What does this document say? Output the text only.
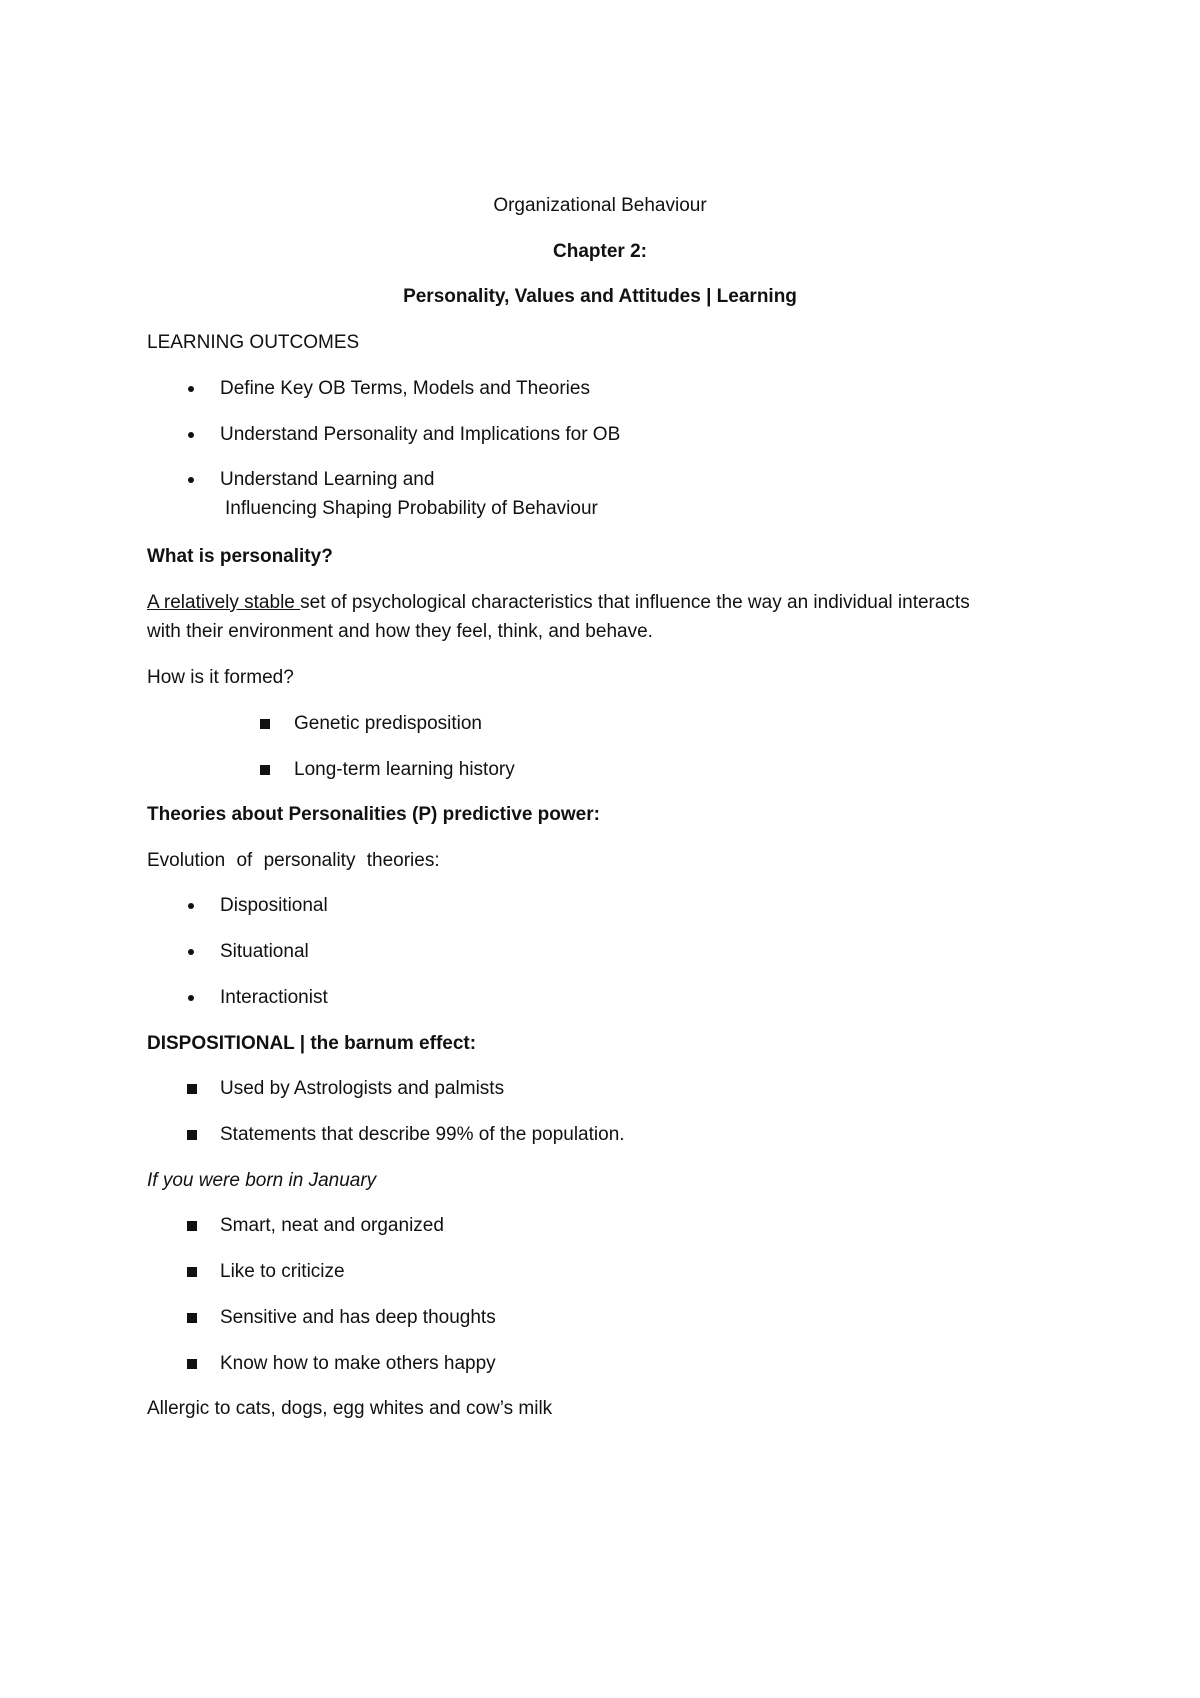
Organizational Behaviour
Chapter 2:
Personality, Values and Attitudes | Learning
LEARNING OUTCOMES
Define Key OB Terms, Models and Theories
Understand Personality and Implications for OB
Understand Learning and
Influencing Shaping Probability of Behaviour
What is personality?
A relatively stable set of psychological characteristics that influence the way an individual interacts
with their environment and how they feel, think, and behave.
How is it formed?
Genetic predisposition
Long-term learning history
Theories about Personalities (P) predictive power:
Evolution of personality theories:
Dispositional
Situational
Interactionist
DISPOSITIONAL | the barnum effect:
Used by Astrologists and palmists
Statements that describe 99% of the population.
If you were born in January
Smart, neat and organized
Like to criticize
Sensitive and has deep thoughts
Know how to make others happy
Allergic to cats, dogs, egg whites and cow’s milk
